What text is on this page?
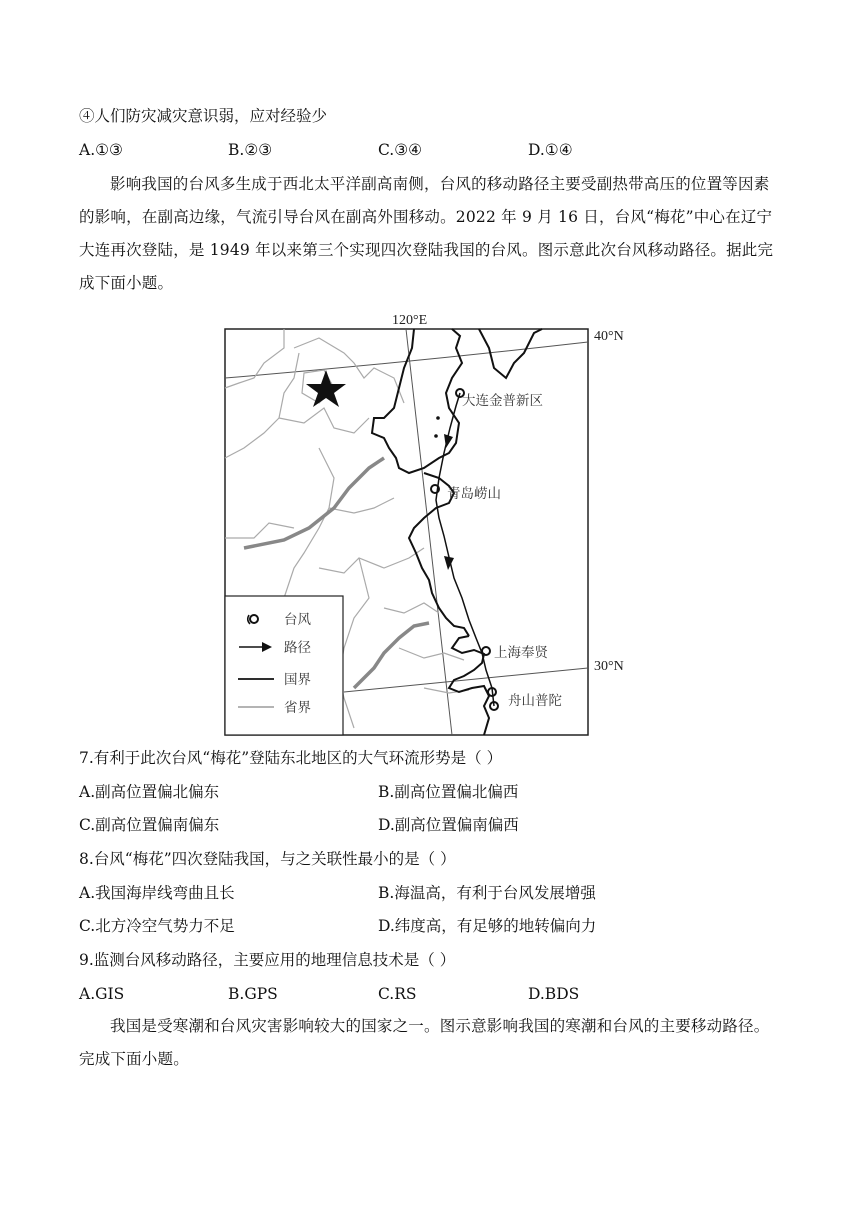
④人们防灾减灾意识弱，应对经验少
A.①③	B.②③	C.③④	D.①④
影响我国的台风多生成于西北太平洋副高南侧，台风的移动路径主要受副热带高压的位置等因素的影响，在副高边缘，气流引导台风在副高外围移动。2022 年 9 月 16 日，台风“梅花”中心在辽宁大连再次登陆，是 1949 年以来第三个实现四次登陆我国的台风。图示意此次台风移动路径。据此完成下面小题。
120°E
40°N
30°N
大连金普新区
青岛崂山
上海奉贤
舟山普陀
台风
路径
国界
省界
7.有利于此次台风“梅花”登陆东北地区的大气环流形势是（ ）
A.副高位置偏北偏东	B.副高位置偏北偏西
C.副高位置偏南偏东	D.副高位置偏南偏西
8.台风“梅花”四次登陆我国，与之关联性最小的是（ ）
A.我国海岸线弯曲且长	B.海温高，有利于台风发展增强
C.北方冷空气势力不足	D.纬度高，有足够的地转偏向力
9.监测台风移动路径，主要应用的地理信息技术是（ ）
A.GIS	B.GPS	C.RS	D.BDS
我国是受寒潮和台风灾害影响较大的国家之一。图示意影响我国的寒潮和台风的主要移动路径。完成下面小题。
